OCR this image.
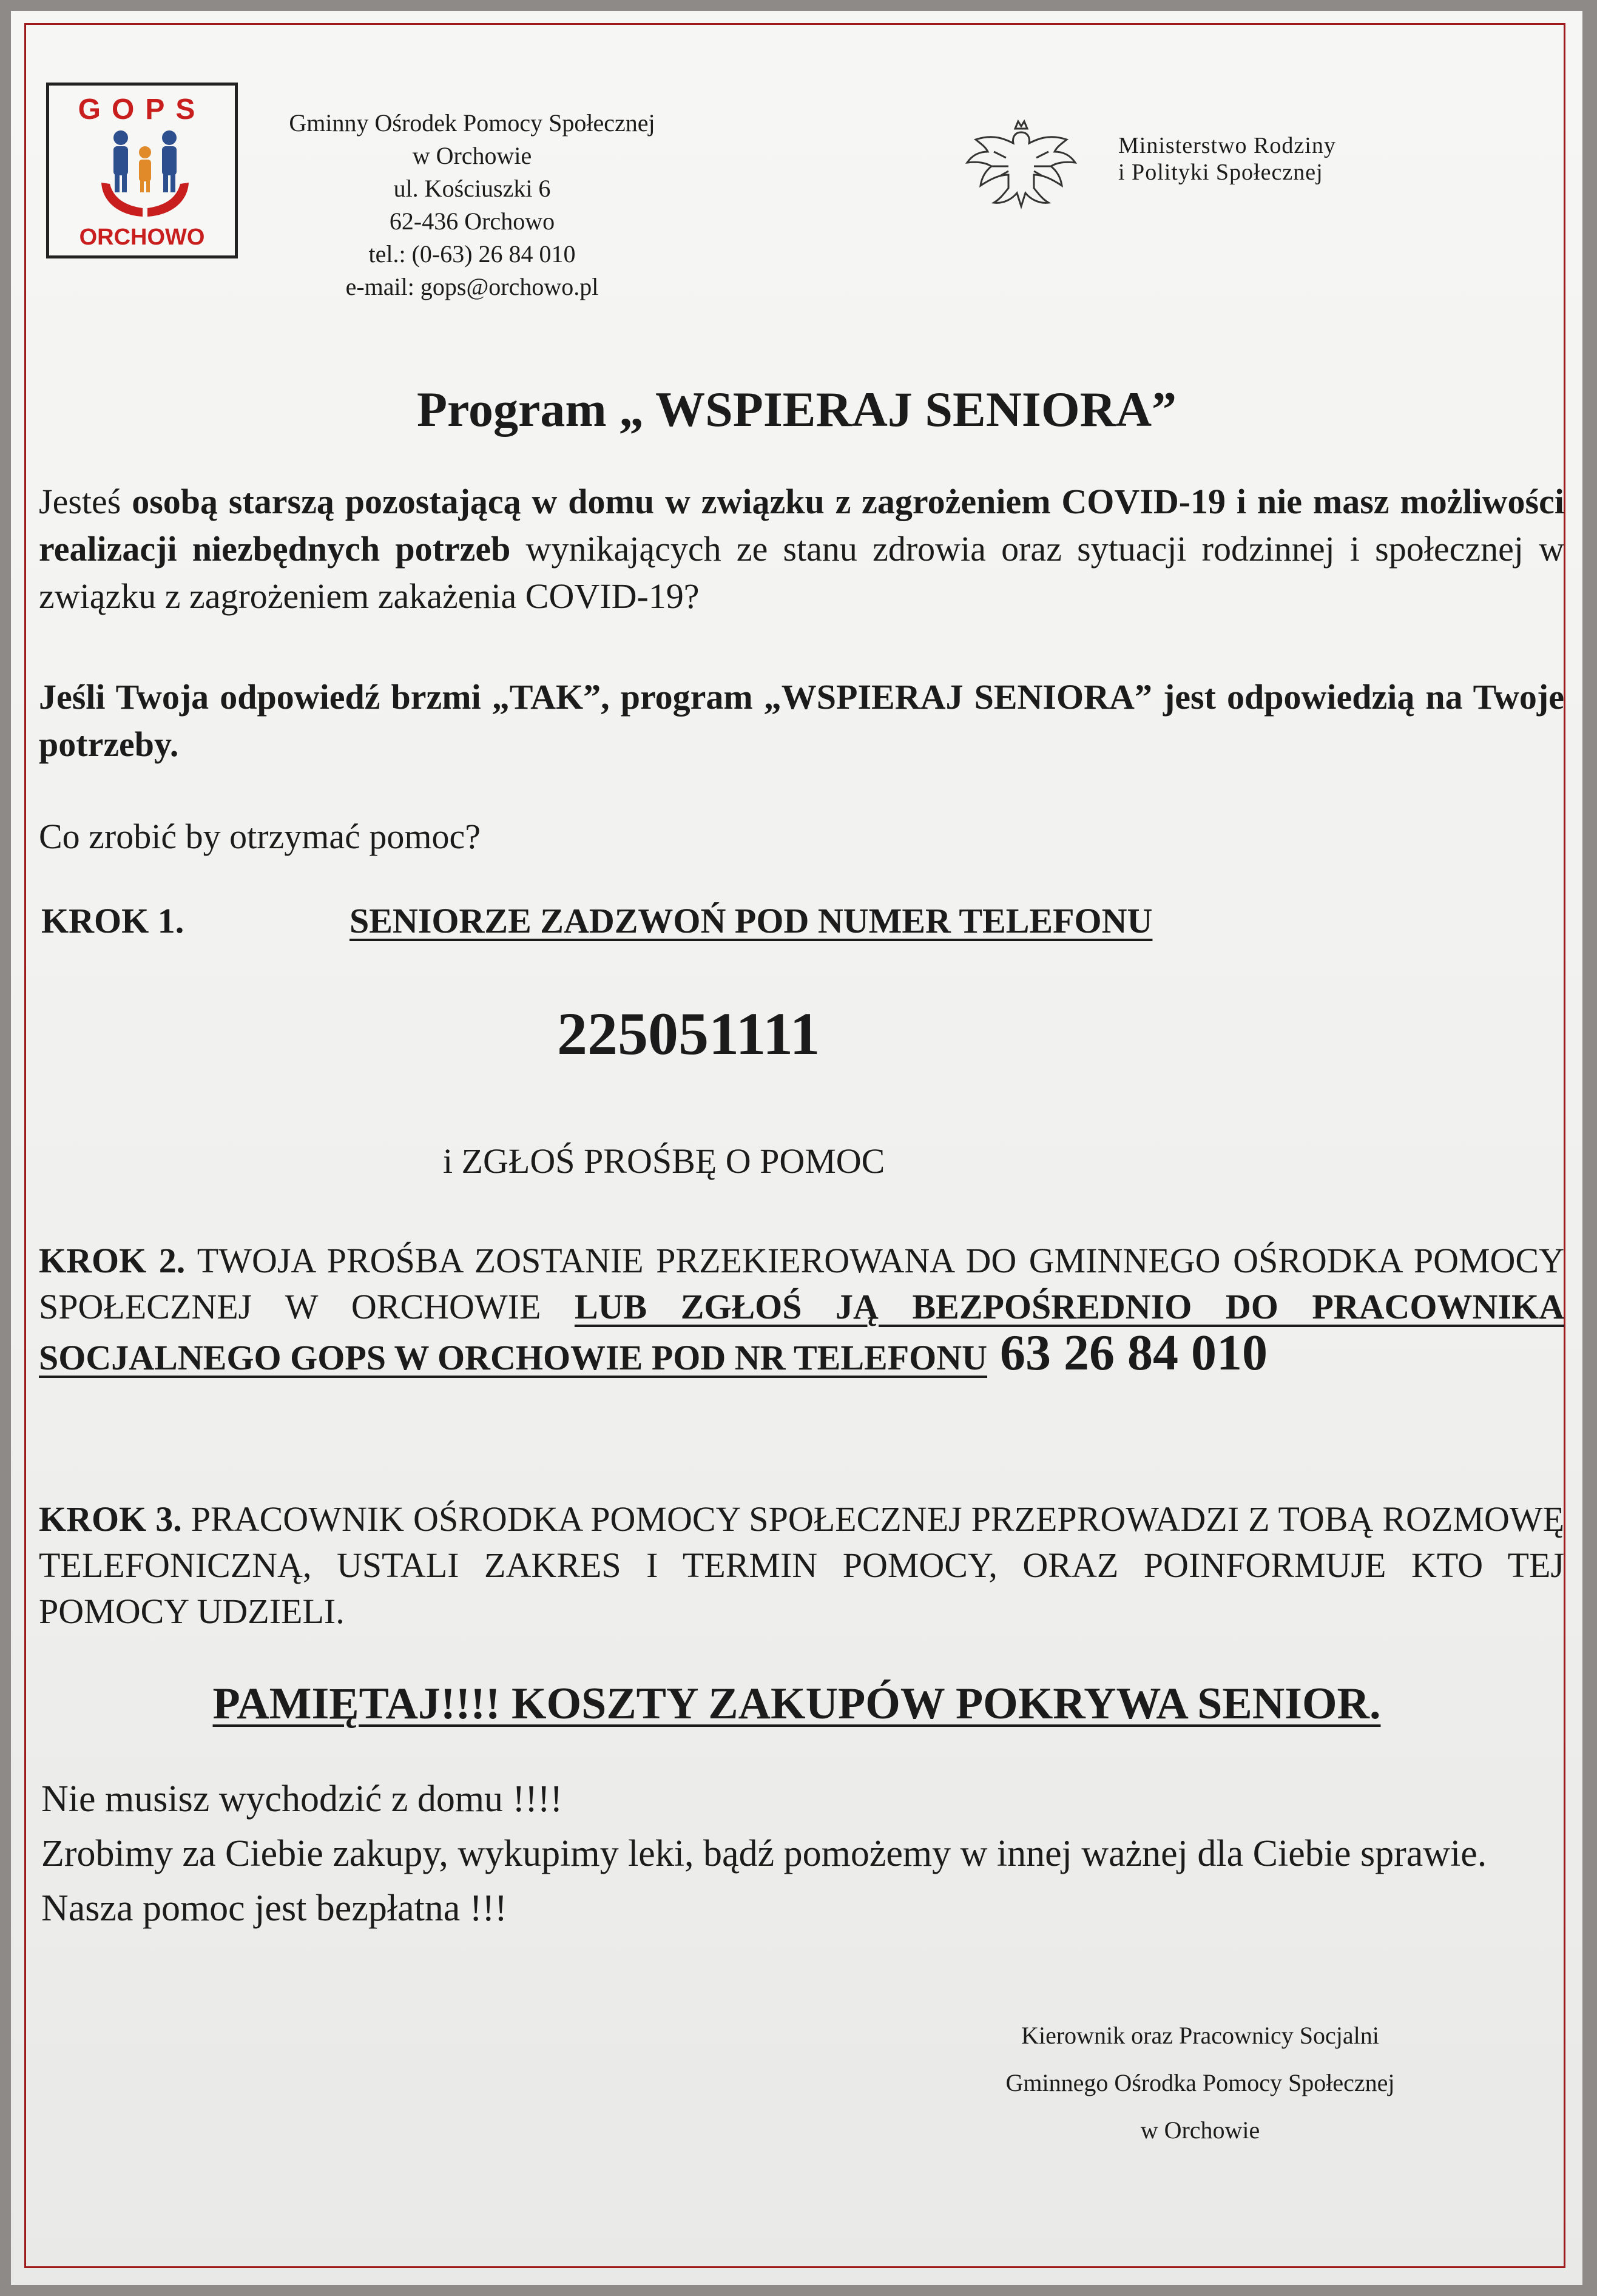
GOPS
ORCHOWO
Gminny Ośrodek Pomocy Społecznej w Orchowie
ul. Kościuszki 6
62-436 Orchowo
tel.: (0-63) 26 84 010
e-mail: gops@orchowo.pl
Ministerstwo Rodziny
i Polityki Społecznej
Program „ WSPIERAJ SENIORA”
Jesteś osobą starszą pozostającą w domu w związku z zagrożeniem COVID-19 i nie masz możliwości realizacji niezbędnych potrzeb wynikających ze stanu zdrowia oraz sytuacji rodzinnej i społecznej w związku z zagrożeniem zakażenia COVID-19?
Jeśli Twoja odpowiedź brzmi „TAK”, program „WSPIERAJ SENIORA” jest odpowiedzią na Twoje potrzeby.
Co zrobić by otrzymać pomoc?
KROK 1.	SENIORZE ZADZWOŃ POD NUMER TELEFONU
225051111
i ZGŁOŚ PROŚBĘ O POMOC
KROK 2. TWOJA PROŚBA ZOSTANIE PRZEKIEROWANA DO GMINNEGO OŚRODKA POMOCY SPOŁECZNEJ W ORCHOWIE LUB ZGŁOŚ JĄ BEZPOŚREDNIO DO PRACOWNIKA SOCJALNEGO GOPS W ORCHOWIE POD NR TELEFONU 63 26 84 010
KROK 3. PRACOWNIK OŚRODKA POMOCY SPOŁECZNEJ PRZEPROWADZI Z TOBĄ ROZMOWĘ TELEFONICZNĄ, USTALI ZAKRES I TERMIN POMOCY, ORAZ POINFORMUJE KTO TEJ POMOCY UDZIELI.
PAMIĘTAJ!!!! KOSZTY ZAKUPÓW POKRYWA SENIOR.
Nie musisz wychodzić z domu !!!!
Zrobimy za Ciebie zakupy, wykupimy leki, bądź pomożemy w innej ważnej dla Ciebie sprawie. Nasza pomoc jest bezpłatna !!!
Kierownik oraz Pracownicy Socjalni
Gminnego Ośrodka Pomocy Społecznej
w Orchowie
